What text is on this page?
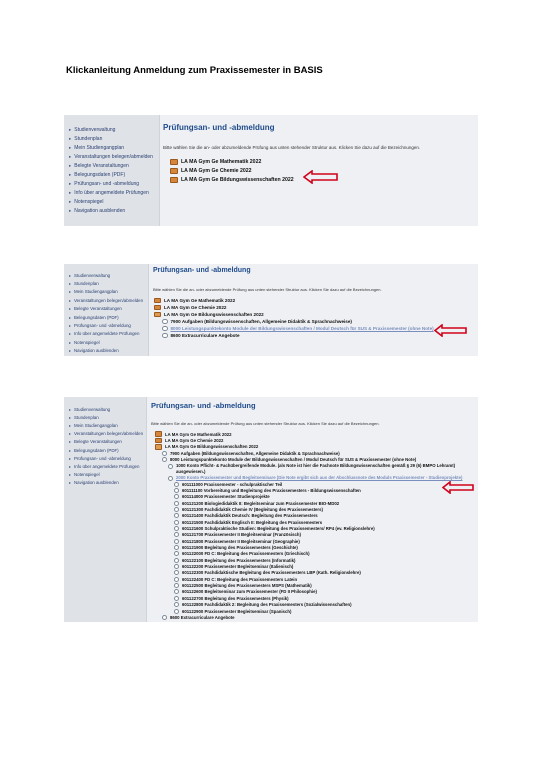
Klickanleitung Anmeldung zum Praxissemester in BASIS
▸ Studienverwaltung
▸ Stundenplan
▸ Mein Studiengangplan
▸ Veranstaltungen belegen/abmelden
▸ Belegte Veranstaltungen
▸ Belegungsdaten (PDF)
▸ Prüfungsan- und -abmeldung
▸ Info über angemeldete Prüfungen
▸ Notenspiegel
▸ Navigation ausblenden
Prüfungsan- und -abmeldung
Bitte wählen Sie die an- oder abzumeldende Prüfung aus unten stehender Struktur aus. Klicken Sie dazu auf die Bezeichnungen.
LA MA Gym Ge Mathematik 2022
LA MA Gym Ge Chemie 2022
LA MA Gym Ge Bildungswissenschaften 2022
▸ Studienverwaltung
▸ Stundenplan
▸ Mein Studiengangplan
▸ Veranstaltungen belegen/abmelden
▸ Belegte Veranstaltungen
▸ Belegungsdaten (PDF)
▸ Prüfungsan- und -abmeldung
▸ Info über angemeldete Prüfungen
▸ Notenspiegel
▸ Navigation ausblenden
Prüfungsan- und -abmeldung
Bitte wählen Sie die an- oder abzumeldende Prüfung aus unten stehender Struktur aus. Klicken Sie dazu auf die Bezeichnungen.
LA MA Gym Ge Mathematik 2022
LA MA Gym Ge Chemie 2022
LA MA Gym Ge Bildungswissenschaften 2022
7900 Aufgaben (Bildungswissenschaften, Allgemeine Didaktik & Sprachnachweise)
8000 Leistungspunktekonto Module der Bildungswissenschaften / Modul Deutsch für SUS & Praxissemester (ohne Note)
8600 Extracurriculare Angebote
▸ Studienverwaltung
▸ Stundenplan
▸ Mein Studiengangplan
▸ Veranstaltungen belegen/abmelden
▸ Belegte Veranstaltungen
▸ Belegungsdaten (PDF)
▸ Prüfungsan- und -abmeldung
▸ Info über angemeldete Prüfungen
▸ Notenspiegel
▸ Navigation ausblenden
Prüfungsan- und -abmeldung
Bitte wählen Sie die an- oder abzumeldende Prüfung aus unten stehender Struktur aus. Klicken Sie dazu auf die Bezeichnungen.
LA MA Gym Ge Mathematik 2022
LA MA Gym Ge Chemie 2022
LA MA Gym Ge Bildungswissenschaften 2022
7900 Aufgaben (Bildungswissenschaften, Allgemeine Didaktik & Sprachnachweise)
8000 Leistungspunktekonto Module der Bildungswissenschaften / Modul Deutsch für SUS & Praxissemester (ohne Note)
1000 Konto Pflicht- & Fachübergreifende Module. (als Note ist hier die Fachnote Bildungswissenschaften gemäß § 29 (6) BMPO Lehramt) ausgewiesen.)
2000 Konto Praxissemester und Begleitseminare (Die Note ergibt sich aus der Abschlussnote des Moduls Praxissemester - Studienprojekte)
601111000 Praxissemester - schulpraktischer Teil
601111100 Vorbereitung und Begleitung des Praxissemesters - Bildungswissenschaften
601114000 Praxissemester Studienprojekte
601121200 Biologiedidaktik II: Begleitseminar zum Praxissemester BIO-MD02
601121300 Fachdidaktik Chemie IV (Begleitung des Praxissemesters)
601121400 Fachdidaktik Deutsch: Begleitung des Praxissemesters
601121500 Fachdidaktik Englisch II: Begleitung des Praxissemesters
601121600 Schulpraktische Studien: Begleitung des Praxissemesters/ RP4 (ev. Religionslehre)
601121700 Praxissemester II Begleitseminar (Französisch)
601121800 Praxissemester II Begleitseminar (Geographie)
601121900 Begleitung des Praxissemesters (Geschichte)
601122000 FD C: Begleitung des Praxissemesters (Griechisch)
601122100 Begleitung des Praxissemesters (Informatik)
601122200 Praxissemester Begleitseminar (Italienisch)
601122300 Fachdidaktische Begleitung des Praxissemesters LBP (Kath. Religionslehre)
601122400 FD C: Begleitung des Praxissemesters Latein
601122500 Begleitung des Praxissemesters MSPS (Mathematik)
601122600 Begleitseminar zum Praxissemester (FD II Philosophie)
601122700 Begleitung des Praxissemesters (Physik)
601122800 Fachdidaktik 2: Begleitung des Praxissemesters (Sozialwissenschaften)
601122900 Praxissemester Begleitseminar (Spanisch)
8600 Extracurriculare Angebote
